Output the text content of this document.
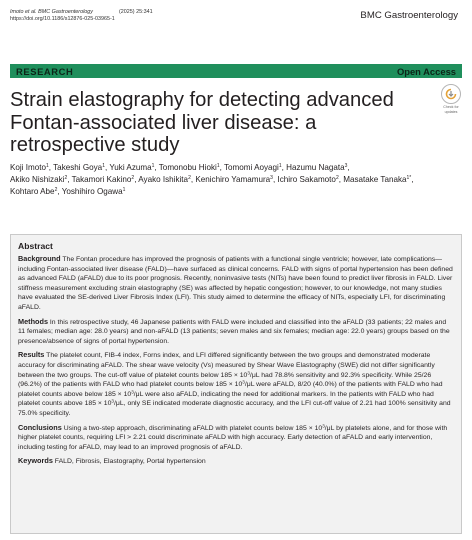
Imoto et al. BMC Gastroenterology	(2025) 25:341
https://doi.org/10.1186/s12876-025-03965-1	BMC Gastroenterology
RESEARCH	Open Access
Strain elastography for detecting advanced Fontan-associated liver disease: a retrospective study
Check for
updates
Koji Imoto$^1$, Takeshi Goya$^1$, Yuki Azuma$^1$, Tomonobu Hioki$^1$, Tomomi Aoyagi$^1$, Hazumu Nagata$^3$,
Akiko Nishizaki$^2$, Takamori Kakino$^2$, Ayako Ishikita$^2$, Kenichiro Yamamura$^3$, Ichiro Sakamoto$^2$, Masatake Tanaka$^{1*}$,
Kohtaro Abe$^2$, Yoshihiro Ogawa$^1$
Abstract

Background The Fontan procedure has improved the prognosis of patients with a functional single ventricle; however, late complications—including Fontan-associated liver disease (FALD)—have surfaced as clinical concerns. FALD with signs of portal hypertension has been defined as advanced FALD (aFALD) due to its poor prognosis. Recently, noninvasive tests (NITs) have been found to predict liver fibrosis in FALD. Liver stiffness measurement excluding strain elastography (SE) was affected by hepatic congestion; however, to our knowledge, not many studies have evaluated the SE-derived Liver Fibrosis Index (LFI). This study aimed to determine the efficacy of NITs, especially LFI, for discriminating aFALD.

Methods In this retrospective study, 46 Japanese patients with FALD were included and classified into the aFALD (33 patients; 22 males and 11 females; median age: 28.0 years) and non-aFALD (13 patients; seven males and six females; median age: 22.0 years) groups based on the presence/absence of signs of portal hypertension.

Results The platelet count, FIB-4 index, Forns index, and LFI differed significantly between the two groups and demonstrated moderate accuracy for discriminating aFALD. The shear wave velocity (Vs) measured by Shear Wave Elastography (SWE) did not differ significantly between the two groups. The cut-off value of platelet counts below $185 \times 10^3/\mu L$ had 78.8% sensitivity and 92.3% specificity. While 25/26 (96.2%) of the patients with FALD who had platelet counts below $185 \times 10^3/\mu L$ were aFALD, 8/20 (40.0%) of the patients with FALD who had platelet counts above below $185 \times 10^3/\mu L$ were also aFALD, indicating the need for additional markers. In the patients with FALD who had platelet counts above $185 \times 10^3/\mu L$, only SE indicated moderate diagnostic accuracy, and the LFI cut-off value of 2.21 had 100% sensitivity and 75.0% specificity.

Conclusions Using a two-step approach, discriminating aFALD with platelet counts below $185 \times 10^3/\mu L$ by platelets alone, and for those with higher platelet counts, requiring LFI > 2.21 could discriminate aFALD with high accuracy. Early detection of aFALD and early intervention, including testing for aFALD, may lead to an improved prognosis of aFALD.

Keywords FALD, Fibrosis, Elastography, Portal hypertension
